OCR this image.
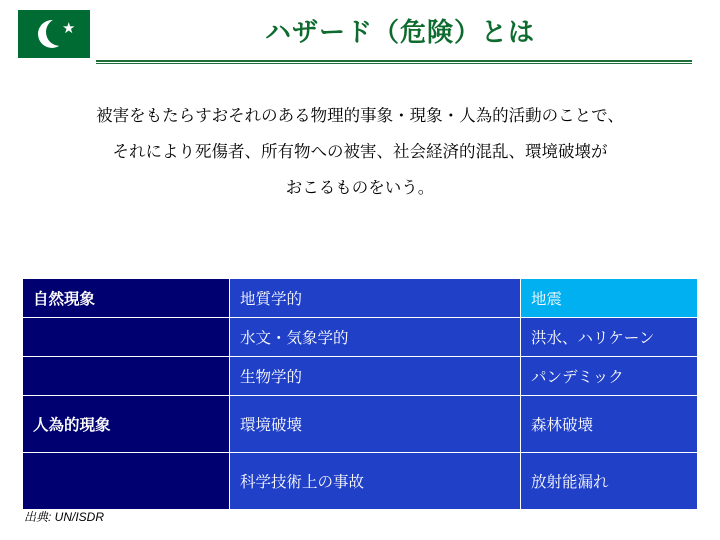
★	ハザード（危険）とは
被害をもたらすおそれのある物理的事象・現象・人為的活動のことで、
それにより死傷者、所有物への被害、社会経済的混乱、環境破壊が
おこるものをいう。
自然現象	地質学的	地震
	水文・気象学的	洪水、ハリケーン
	生物学的	パンデミック
人為的現象	環境破壊	森林破壊
	科学技術上の事故	放射能漏れ
出典: UN/ISDR
